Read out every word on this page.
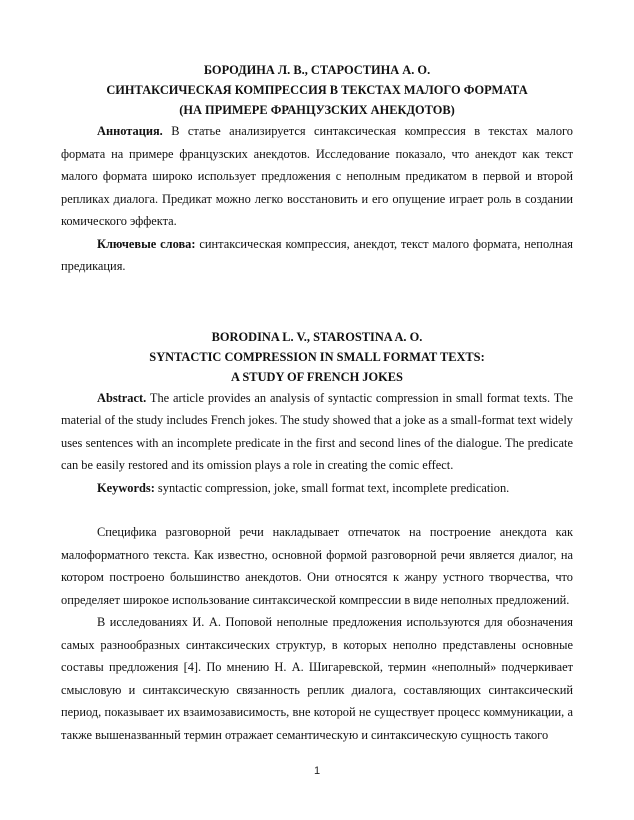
БОРОДИНА Л. В., СТАРОСТИНА А. О.

СИНТАКСИЧЕСКАЯ КОМПРЕССИЯ В ТЕКСТАХ МАЛОГО ФОРМАТА

(НА ПРИМЕРЕ ФРАНЦУЗСКИХ АНЕКДОТОВ)

Аннотация. В статье анализируется синтаксическая компрессия в текстах малого формата на примере французских анекдотов. Исследование показало, что анекдот как текст малого формата широко использует предложения с неполным предикатом в первой и второй репликах диалога. Предикат можно легко восстановить и его опущение играет роль в создании комического эффекта.

Ключевые слова: синтаксическая компрессия, анекдот, текст малого формата, неполная предикация.

BORODINA L. V., STAROSTINA A. O.

SYNTACTIC COMPRESSION IN SMALL FORMAT TEXTS:

A STUDY OF FRENCH JOKES

Abstract. The article provides an analysis of syntactic compression in small format texts. The material of the study includes French jokes. The study showed that a joke as a small-format text widely uses sentences with an incomplete predicate in the first and second lines of the dialogue. The predicate can be easily restored and its omission plays a role in creating the comic effect.

Keywords: syntactic compression, joke, small format text, incomplete predication.

Специфика разговорной речи накладывает отпечаток на построение анекдота как малоформатного текста. Как известно, основной формой разговорной речи является диалог, на котором построено большинство анекдотов. Они относятся к жанру устного творчества, что определяет широкое использование синтаксической компрессии в виде неполных предложений.

В исследованиях И. А. Поповой неполные предложения используются для обозначения самых разнообразных синтаксических структур, в которых неполно представлены основные составы предложения [4]. По мнению Н. А. Шигаревской, термин «неполный» подчеркивает смысловую и синтаксическую связанность реплик диалога, составляющих синтаксический период, показывает их взаимозависимость, вне которой не существует процесс коммуникации, а также вышеназванный термин отражает семантическую и синтаксическую сущность такого

1
